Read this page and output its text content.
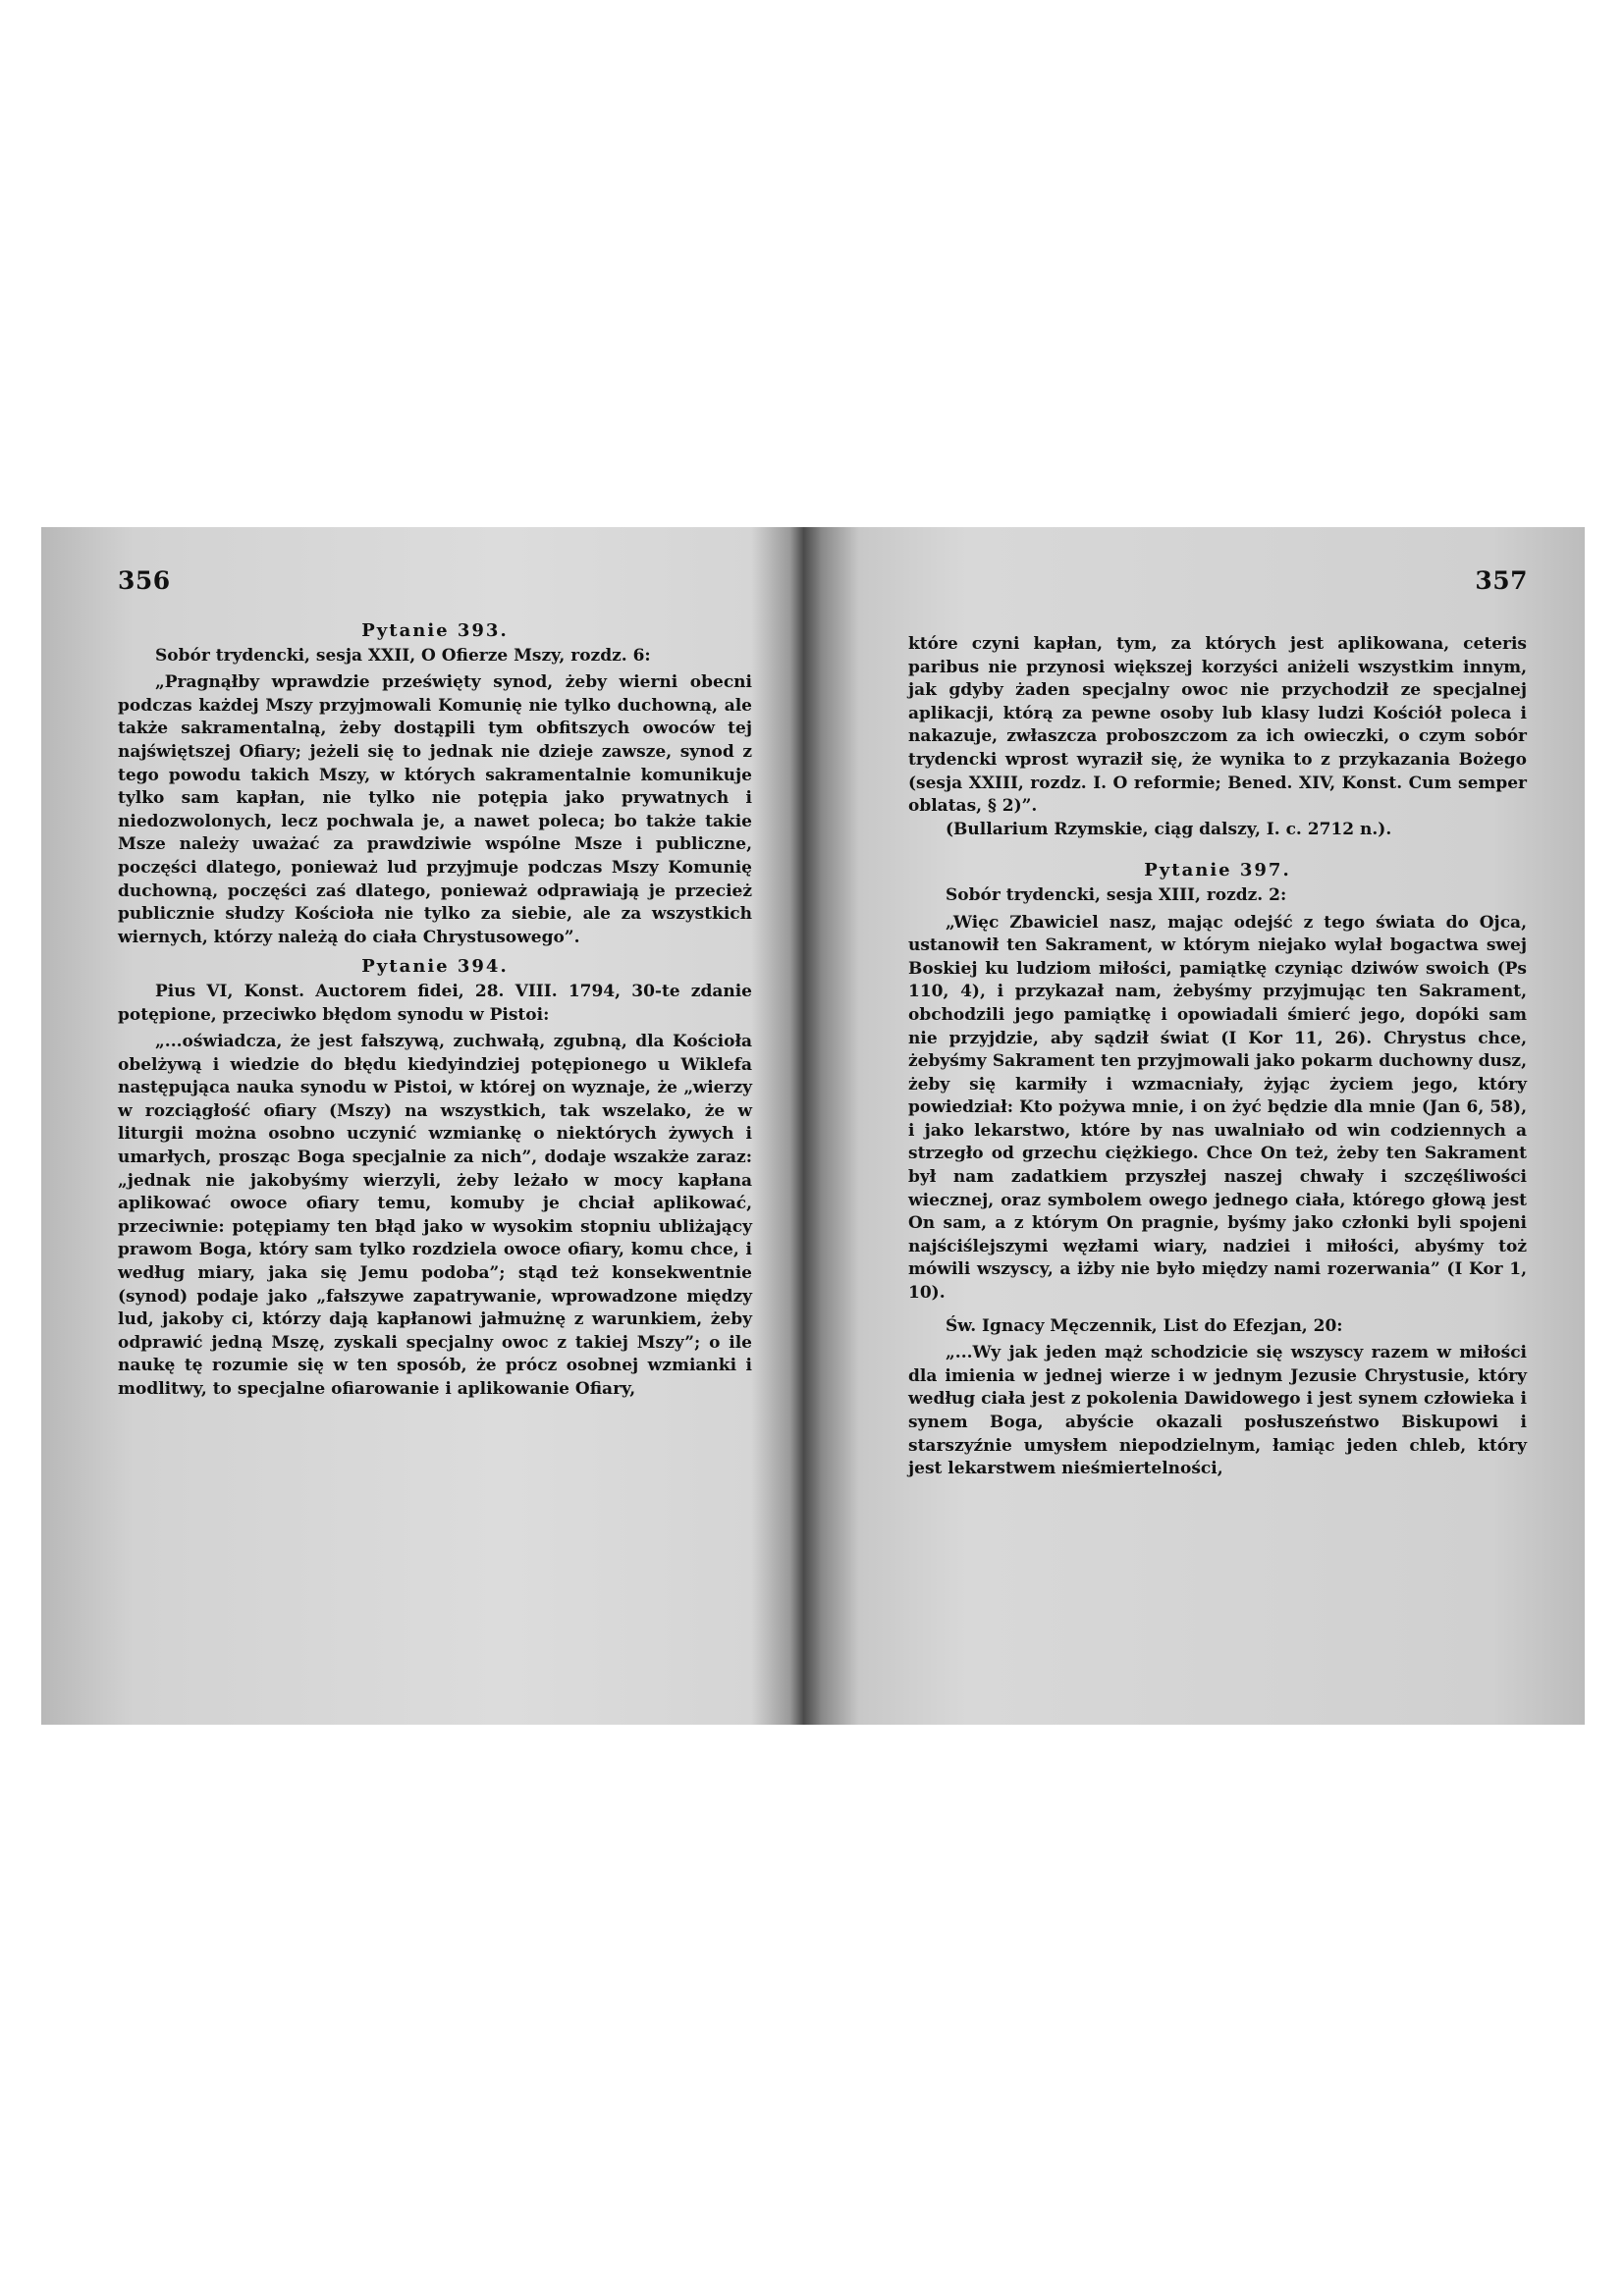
356
Pytanie 393.

Sobór trydencki, sesja XXII, O Ofierze Mszy, rozdz. 6:

„Pragnąłby wprawdzie prześwięty synod, żeby wierni obecni podczas każdej Mszy przyjmowali Komunię nie tylko duchowną, ale także sakramentalną, żeby dostąpili tym obfitszych owoców tej najświętszej Ofiary; jeżeli się to jednak nie dzieje zawsze, synod z tego powodu takich Mszy, w których sakramentalnie komunikuje tylko sam kapłan, nie tylko nie potępia jako prywatnych i niedozwolonych, lecz pochwala je, a nawet poleca; bo także takie Msze należy uważać za prawdziwie wspólne Msze i publiczne, poczęści dlatego, ponieważ lud przyjmuje podczas Mszy Komunię duchowną, poczęści zaś dlatego, ponieważ odprawiają je przecież publicznie słudzy Kościoła nie tylko za siebie, ale za wszystkich wiernych, którzy należą do ciała Chrystusowego”.

Pytanie 394.

Pius VI, Konst. Auctorem fidei, 28. VIII. 1794, 30-te zdanie potępione, przeciwko błędom synodu w Pistoi:

„...oświadcza, że jest fałszywą, zuchwałą, zgubną, dla Kościoła obelżywą i wiedzie do błędu kiedyindziej potępionego u Wiklefa następująca nauka synodu w Pistoi, w której on wyznaje, że „wierzy w rozciągłość ofiary (Mszy) na wszystkich, tak wszelako, że w liturgii można osobno uczynić wzmiankę o niektórych żywych i umarłych, prosząc Boga specjalnie za nich”, dodaje wszakże zaraz: „jednak nie jakobyśmy wierzyli, żeby leżało w mocy kapłana aplikować owoce ofiary temu, komuby je chciał aplikować, przeciwnie: potępiamy ten błąd jako w wysokim stopniu ubliżający prawom Boga, który sam tylko rozdziela owoce ofiary, komu chce, i według miary, jaka się Jemu podoba”; stąd też konsekwentnie (synod) podaje jako „fałszywe zapatrywanie, wprowadzone między lud, jakoby ci, którzy dają kapłanowi jałmużnę z warunkiem, żeby odprawić jedną Mszę, zyskali specjalny owoc z takiej Mszy”; o ile naukę tę rozumie się w ten sposób, że prócz osobnej wzmianki i modlitwy, to specjalne ofiarowanie i aplikowanie Ofiary,

357

które czyni kapłan, tym, za których jest aplikowana, ceteris paribus nie przynosi większej korzyści aniżeli wszystkim innym, jak gdyby żaden specjalny owoc nie przychodził ze specjalnej aplikacji, którą za pewne osoby lub klasy ludzi Kościół poleca i nakazuje, zwłaszcza proboszczom za ich owieczki, o czym sobór trydencki wprost wyraził się, że wynika to z przykazania Bożego (sesja XXIII, rozdz. I. O reformie; Bened. XIV, Konst. Cum semper oblatas, § 2)”.

(Bullarium Rzymskie, ciąg dalszy, I. c. 2712 n.).

Pytanie 397.

Sobór trydencki, sesja XIII, rozdz. 2:

„Więc Zbawiciel nasz, mając odejść z tego świata do Ojca, ustanowił ten Sakrament, w którym niejako wylał bogactwa swej Boskiej ku ludziom miłości, pamiątkę czyniąc dziwów swoich (Ps 110, 4), i przykazał nam, żebyśmy przyjmując ten Sakrament, obchodzili jego pamiątkę i opowiadali śmierć jego, dopóki sam nie przyjdzie, aby sądził świat (I Kor 11, 26). Chrystus chce, żebyśmy Sakrament ten przyjmowali jako pokarm duchowny dusz, żeby się karmiły i wzmacniały, żyjąc życiem jego, który powiedział: Kto pożywa mnie, i on żyć będzie dla mnie (Jan 6, 58), i jako lekarstwo, które by nas uwalniało od win codziennych a strzegło od grzechu ciężkiego. Chce On też, żeby ten Sakrament był nam zadatkiem przyszłej naszej chwały i szczęśliwości wiecznej, oraz symbolem owego jednego ciała, którego głową jest On sam, a z którym On pragnie, byśmy jako członki byli spojeni najściślejszymi węzłami wiary, nadziei i miłości, abyśmy toż mówili wszyscy, a iżby nie było między nami rozerwania” (I Kor 1, 10).

Św. Ignacy Męczennik, List do Efezjan, 20:

„...Wy jak jeden mąż schodzicie się wszyscy razem w miłości dla imienia w jednej wierze i w jednym Jezusie Chrystusie, który według ciała jest z pokolenia Dawidowego i jest synem człowieka i synem Boga, abyście okazali posłuszeństwo Biskupowi i starszyźnie umysłem niepodzielnym, łamiąc jeden chleb, który jest lekarstwem nieśmiertelności,
